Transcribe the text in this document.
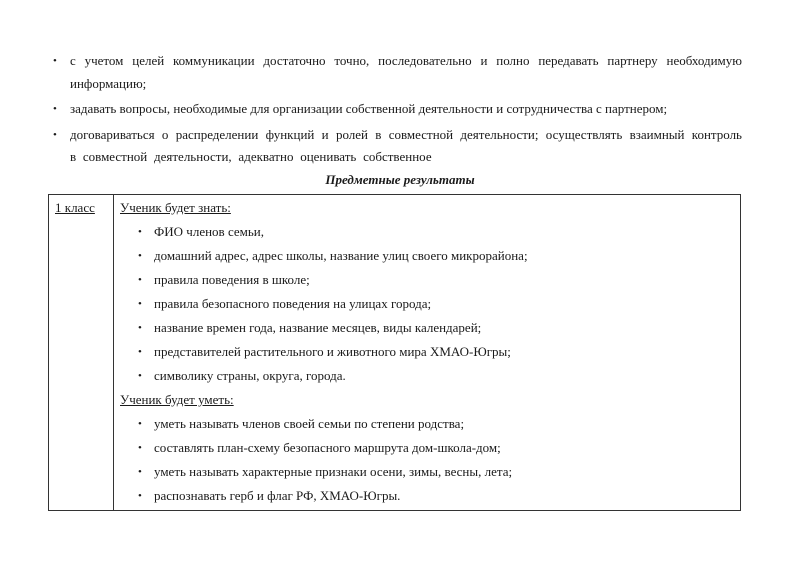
• с учетом целей коммуникации достаточно точно, последовательно и полно передавать партнеру необходимую информацию;
• задавать вопросы, необходимые для организации собственной деятельности и сотрудничества с партнером;
• договариваться о распределении функций и ролей в совместной деятельности; осуществлять взаимный контроль в совместной деятельности, адекватно оценивать собственное
Предметные результаты
1 класс	Ученик будет знать:
• ФИО членов семьи,
• домашний адрес, адрес школы, название улиц своего микрорайона;
• правила поведения в школе;
• правила безопасного поведения на улицах города;
• название времен года, название месяцев, виды календарей;
• представителей растительного и животного мира ХМАО-Югры;
• символику страны, округа, города.
Ученик будет уметь:
• уметь называть членов своей семьи по степени родства;
• составлять план-схему безопасного маршрута дом-школа-дом;
• уметь называть характерные признаки осени, зимы, весны, лета;
• распознавать герб и флаг РФ, ХМАО-Югры.
